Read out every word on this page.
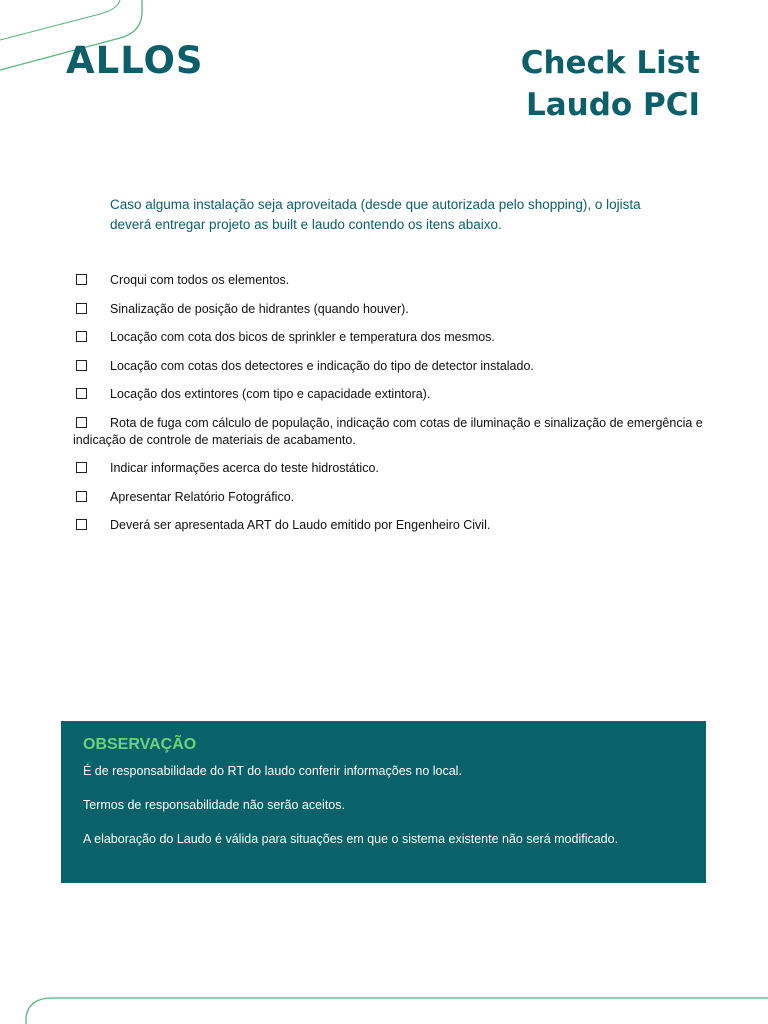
ALLOS	Check List
Laudo PCI
Caso alguma instalação seja aproveitada (desde que autorizada pelo shopping), o lojista deverá entregar projeto as built e laudo contendo os itens abaixo.
Croqui com todos os elementos.
Sinalização de posição de hidrantes (quando houver).
Locação com cota dos bicos de sprinkler e temperatura dos mesmos.
Locação com cotas dos detectores e indicação do tipo de detector instalado.
Locação dos extintores (com tipo e capacidade extintora).
Rota de fuga com cálculo de população, indicação com cotas de iluminação e sinalização de emergência e indicação de controle de materiais de acabamento.
Indicar informações acerca do teste hidrostático.
Apresentar Relatório Fotográfico.
Deverá ser apresentada ART do Laudo emitido por Engenheiro Civil.
OBSERVAÇÃO
É de responsabilidade do RT do laudo conferir informações no local.
Termos de responsabilidade não serão aceitos.
A elaboração do Laudo é válida para situações em que o sistema existente não será modificado.
